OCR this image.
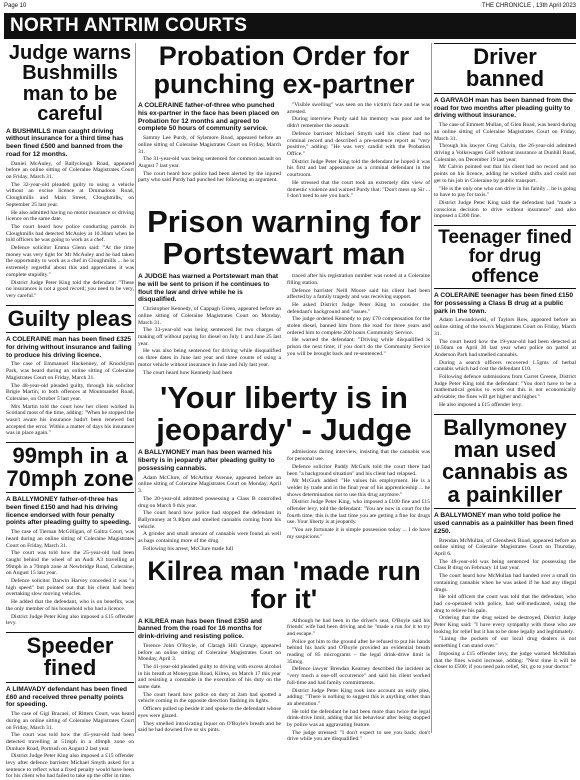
Page 10	THE CHRONICLE , 13th April 2023
NORTH ANTRIM COURTS
Judge warns Bushmills man to be careful
A BUSHMILLS man caught driving without insurance for a third time has been fined £500 and banned from the road for 12 months.

Daniel McAuley, of Ballyclough Road, appeared before an online sitting of Coleraine Magistrates Court on Friday, March 31.

The 32-year-old pleaded guilty to using a vehicle without an excise licence at Drumadoon Road, Cloughmills and Main Street, Cloughmills, on September 25 last year.

He also admitted having no motor insurance or driving licence on the same date.

The court heard how police conducting patrols in Cloughmills had detected McAuley at 10.30am when he told officers he was going to work as a chef.

Defence solicitor Emma Glenn said: "At the time money was very tight for Mr McAuley and he had taken the opportunity to work as a chef in Cloughmills ... he is extremely regretful about this and appreciates it was complete stupidity."

District Judge Peter King told the defendant: "These no insurances is not a good record; you need to be very, very careful."

Guilty pleas
A COLERAINE man has been fined £325 for driving without insurance and failing to produce his driving licence.

The case of Emmanuel Hackenney, of Knocklynn Park, was heard during an online sitting of Coleraine Magistrates Court on Friday, March 31.

The 48-year-old pleaded guilty, through his solicitor Brigie Martin, to both offences at Mountsandel Road, Coleraine, on October 5 last year.

Mrs Martin told the court how her client worked in Scotland most of the time, adding: "When he stopped the wasn't aware his insurance hadn't been renewed but accepted the error. Within a matter of days his insurance was in place again."

99mph in a 70mph zone
A BALLYMONEY father-of-three has been fined £150 and had his driving licence endorsed with four penalty points after pleading guilty to speeding.

The case of Tiernan McGilligan, of Galtra Court, was heard during an online sitting of Coleraine Magistrates Court on Friday, March 31.

The court was told how the 25-year-old had been caught behind the wheel of an Audi A3 travelling at 99mph in a 70mph zone at Newbridge Road, Coleraine, on August 15 last year.

Defence solicitor Darwin Harvey conceded it was "a high speed" but pointed out that his client had been overtaking slow moving vehicles.

He added that the defendant, who is on benefits, was the only member of his household who had a licence.

District Judge Peter King also imposed a £15 offender levy.

Speeder fined
A LIMAVADY defendant has been fined £60 and received three penalty points for speeding.

The case of Gigi Bracaei, of Ritters Court, was heard during an online sitting of Coleraine Magistrates Court on Friday, March 31.

The court was told how the 45-year-old had been detected travelling at 51mph in a 40mph zone on Dunluce Road, Portrush on August 2 last year.

District Judge Peter King also imposed a £15 offender levy after defence barrister Michael Smyth asked for a sentence to reflect what a fixed penalty would have been for his client who had failed to take up the offer in time.

Probation Order for punching ex-partner
A COLERAINE father-of-three who punched his ex-partner in the face has been placed on Probation for 12 months and agreed to complete 50 hours of community service.

Sammy Lee Purdy, of Sylemore Road, appeared before an online sitting of Coleraine Magistrates Court on Friday, March 31.

The 31-year-old was being sentenced for common assault on August 7 last year.

The court heard how police had been alerted by the injured party who said Purdy had punched her following an argument.

"Visible swelling" was seen on the victim's face and he was arrested.

During interview Purdy said his memory was poor and he didn't remember the assault.

Defence barrister Michael Smyth said his client had no criminal record and described a pre-sentence report as "very positive," adding: "He was very candid with the Probation Office."

District Judge Peter King told the defendant he hoped it was his first and last appearance as a criminal defendant in the courtroom.

He stressed that the court took an extremely dim view of domestic violence and warned Purdy that: "Don't mess up Sir ... I don't need to see you back."

Prison warning for Portstewart man
A JUDGE has warned a Portstewart man that he will be sent to prison if he continues to flout the law and drive while he is disqualified.

Christopher Kennedy, of Cappagh Green, appeared before an online sitting of Coleraine Magistrates Court on Monday, March 31.

The 33-year-old was being sentenced for two charges of making off without paying for diesel on July 1 and June 25 last year.

He was also being sentenced for driving while disqualified on three dates in June last year and three counts of using a motor vehicle without insurance in June and July last year.

The court heard how Kennedy had been

traced after his registration number was noted at a Coleraine filling station.

Defence barrister Neill Moore said his client had been affected by a family tragedy and was receiving support.

He asked District Judge Peter King to consider the defendant's background and "issues."

The judge ordered Kennedy to pay £70 compensation for the stolen diesel, banned him from the road for three years and ordered him to complete 200 hours Community Service.

He warned the defendant: "Driving while disqualified is prison the next time; if you don't do the Community Service you will be brought back and re-sentenced."

'Your liberty is in jeopardy' - Judge
A BALLYMONEY man has been warned his liberty is in jeopardy after pleading guilty to possessing cannabis.

Adam McClure, of McArthur Avenue, appeared before an online sitting of Coleraine Magistrates Court on Monday, April 3.

The 20-year-old admitted possessing a Class B controlled drug on March 9 this year.

The court heard how police had stopped the defendant in Ballymoney at 9.40pm and smelled cannabis coming from his vehicle.

A grinder and small amount of cannabis were found as well as bags containing more of the drug.

Following his arrest, McClure made full

admissions during interview, insisting that the cannabis was for personal use.

Defence solicitor Paddy McGurk told the court there had been "a background situation" and his client had relapsed.

Mr McGurk added: "He values his employment. He is a welder by trade and in the final year of his apprenticeship ... he shows determination not to use this drug anymore."

District Judge Peter King, who imposed a £100 fine and £15 offender levy, told the defendant: "You are now in court for the fourth time; this is the last time you are getting a fine for drugs use. Your liberty is at jeopardy.

"You are fortunate it is simple possession today ... I do have my suspicions."

Kilrea man 'made run for it'
A KILREA man has been fined £350 and banned from the road for 16 months for drink-driving and resisting police.

Terence John O'Boyle, of Claragh Hill Grange, appeared before an online sitting of Coleraine Magistrates Court on Monday, April 3.

The 41-year-old pleaded guilty to driving with excess alcohol in his breath at Moneygran Road, Kilrea, on March 17 this year and resisting a constable in the execution of his duty on the same date.

The court heard how police on duty at 2am had spotted a vehicle coming in the opposite direction flashing its lights.

Officers pulled up beside it and spoke to the defendant whose eyes were glazed.

They smelled intoxicating liquor on O'Boyle's breath and he said he had downed five or six pints.

Although he had been in the driver's seat, O'Boyle said his friends' wife had been driving and he "made a run for it to try and escape."

Police got him to the ground after he refused to put his hands behind his back and O'Boyle provided an evidential breath reading of 85 micrograms – the legal drink-drive limit is 35mcg.

Defence lawyer Brendan Kearney described the incident as "very much a one-off occurrence" and said his client worked full-time and had family commitments.

District Judge Peter King took into account an early plea, adding: "There is nothing to suggest this is anything other than an aberration."

He told the defendant he had been more than twice the legal drink-drive limit, adding that his behaviour after being stopped by police was an aggravating feature.

The judge stressed: "I don't expect to see you back; don't drive while you are disqualified."

Driver banned
A GARVAGH man has been banned from the road for two months after pleading guilty to driving without insurance.

The case of Emmett Mullan, of Glen Road, was heard during an online sitting of Coleraine Magistrates Court on Friday, March 31.

Through his lawyer Greg Calvin, the 26-year-old admitted driving a Volkswagen Golf without insurance at Dunhill Road, Coleraine, on December 19 last year.

Mr Calvin pointed out that his client had no record and no points on his licence, adding he worked shifts and could not get to his job in Coleraine by public transport.

"He is the only one who can drive in his family .. he is going to have to pay for taxis."

District Judge Peter King said the defendant had "made a conscious decision to drive without insurance" and also imposed a £300 fine.

Teenager fined for drug offence
A COLERAINE teenager has been fined £150 for possessing a Class B drug at a public park in the town.

Adam Lewandowski, of Taylors Row, appeared before an online sitting of the town's Magistrates Court on Friday, March 31.

The court heard how the 19-year-old had been detected at 10.50am on April 30 last year when police on patrol at Anderson Park had smelled cannabis.

During a search officers recovered 1.5gms of herbal cannabis which had cost the defendant £10.

Following defence submissions from Garret Greene, District Judge Peter King told the defendant: "You don't have to be a mathematical genius to work out this is not economically advisable; the fines will get higher and higher."

He also imposed a £15 offender levy.

Ballymoney man used cannabis as a painkiller
A BALLYMONEY man who told police he used cannabis as a painkiller has been fined £250.

Brendan McMullan, of Glenshesk Road, appeared before an online sitting of Coleraine Magistrates Court on Thursday, April 6.

The 48-year-old was being sentenced for possessing the Class B drug on February 14 last year.

The court heard how McMullan had handed over a small tin containing cannabis when he was asked if he had any illegal drugs.

He told officers the court was told that the defendant, who had co-operated with police, had self-medicated, using the drug to relieve his pain.

Ordering that the drug seized be destroyed, District Judge Peter King said: "I have every sympathy with those who are looking for relief but it has to be done legally and legitimately.

"Lining the pockets of our local drug dealers is not something I can stand over."

Imposing a £15 offender levy, the judge warned McMullan that the fines would increase, adding: "Next time it will be closer to £500; if you need pain relief, Sir, go to your doctor."
